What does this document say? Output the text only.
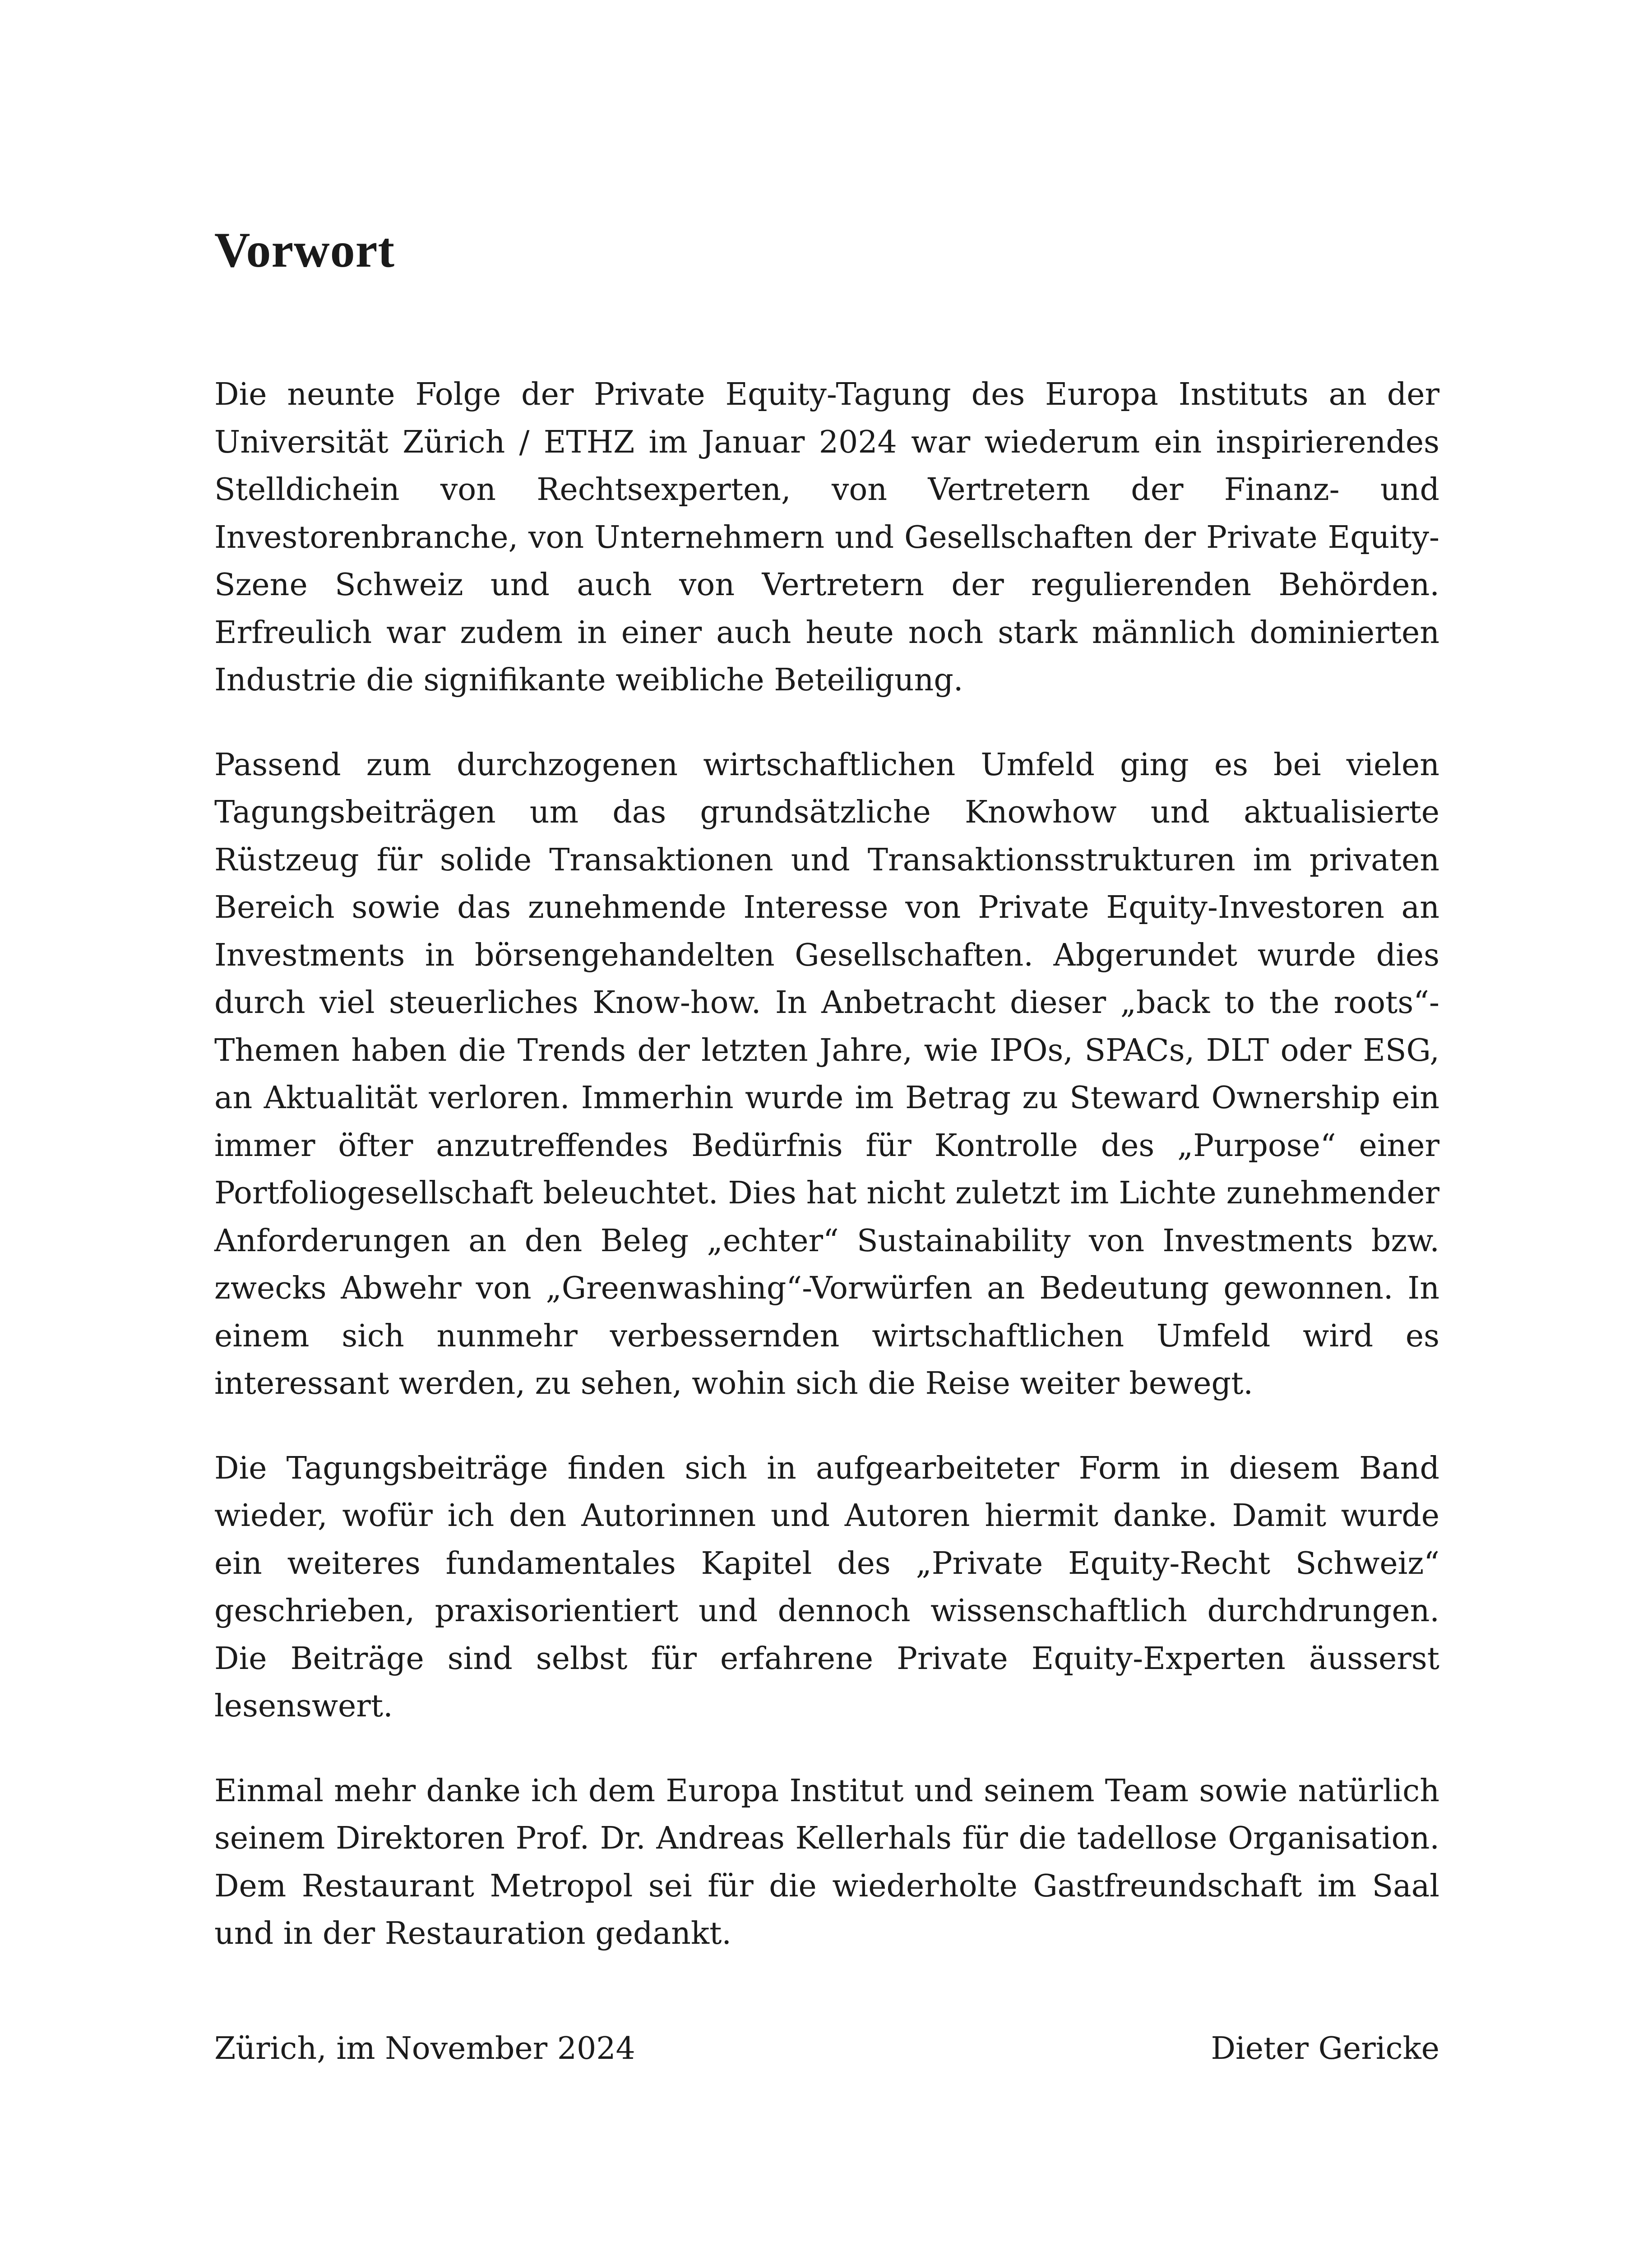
Vorwort

Die neunte Folge der Private Equity-Tagung des Europa Instituts an der Universität Zürich / ETHZ im Januar 2024 war wiederum ein inspirierendes Stelldichein von Rechtsexperten, von Vertretern der Finanz- und Investorenbranche, von Unternehmern und Gesellschaften der Private Equity-Szene Schweiz und auch von Vertretern der regulierenden Behörden. Erfreulich war zudem in einer auch heute noch stark männlich dominierten Industrie die signifikante weibliche Beteiligung.

Passend zum durchzogenen wirtschaftlichen Umfeld ging es bei vielen Tagungsbeiträgen um das grundsätzliche Knowhow und aktualisierte Rüstzeug für solide Transaktionen und Transaktionsstrukturen im privaten Bereich sowie das zunehmende Interesse von Private Equity-Investoren an Investments in börsengehandelten Gesellschaften. Abgerundet wurde dies durch viel steuerliches Know-how. In Anbetracht dieser „back to the roots“-Themen haben die Trends der letzten Jahre, wie IPOs, SPACs, DLT oder ESG, an Aktualität verloren. Immerhin wurde im Betrag zu Steward Ownership ein immer öfter anzutreffendes Bedürfnis für Kontrolle des „Purpose“ einer Portfoliogesellschaft beleuchtet. Dies hat nicht zuletzt im Lichte zunehmender Anforderungen an den Beleg „echter“ Sustainability von Investments bzw. zwecks Abwehr von „Greenwashing“-Vorwürfen an Bedeutung gewonnen. In einem sich nunmehr verbessernden wirtschaftlichen Umfeld wird es interessant werden, zu sehen, wohin sich die Reise weiter bewegt.

Die Tagungsbeiträge finden sich in aufgearbeiteter Form in diesem Band wieder, wofür ich den Autorinnen und Autoren hiermit danke. Damit wurde ein weiteres fundamentales Kapitel des „Private Equity-Recht Schweiz“ geschrieben, praxisorientiert und dennoch wissenschaftlich durchdrungen. Die Beiträge sind selbst für erfahrene Private Equity-Experten äusserst lesenswert.

Einmal mehr danke ich dem Europa Institut und seinem Team sowie natürlich seinem Direktoren Prof. Dr. Andreas Kellerhals für die tadellose Organisation. Dem Restaurant Metropol sei für die wiederholte Gastfreundschaft im Saal und in der Restauration gedankt.

Zürich, im November 2024	Dieter Gericke
